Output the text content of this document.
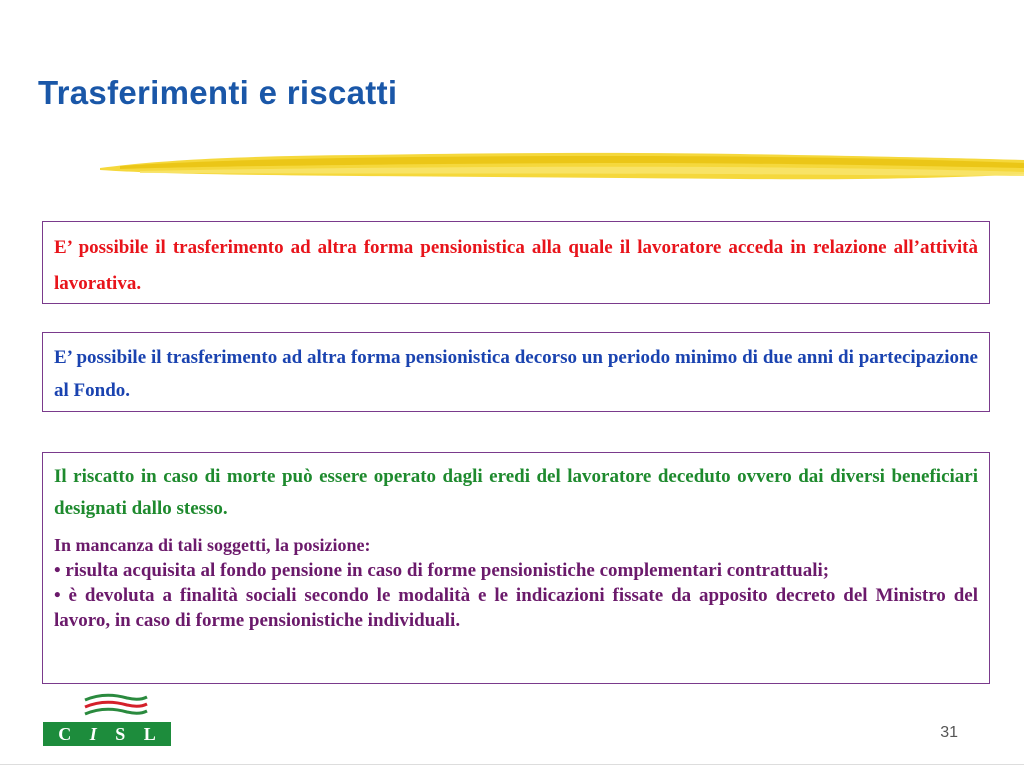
Trasferimenti e riscatti

E’ possibile il trasferimento ad altra forma pensionistica alla quale il lavoratore acceda in relazione all’attività lavorativa.

E’ possibile il trasferimento ad altra forma pensionistica decorso un periodo minimo di due anni di partecipazione al Fondo.

Il riscatto in caso di morte può essere operato dagli eredi del lavoratore deceduto ovvero dai diversi beneficiari designati dallo stesso.

In mancanza di tali soggetti, la posizione:
• risulta acquisita al fondo pensione in caso di forme pensionistiche complementari contrattuali;
• è devoluta a finalità sociali secondo le modalità e le indicazioni fissate da apposito decreto del Ministro del lavoro, in caso di forme pensionistiche individuali.
C I S L	31
